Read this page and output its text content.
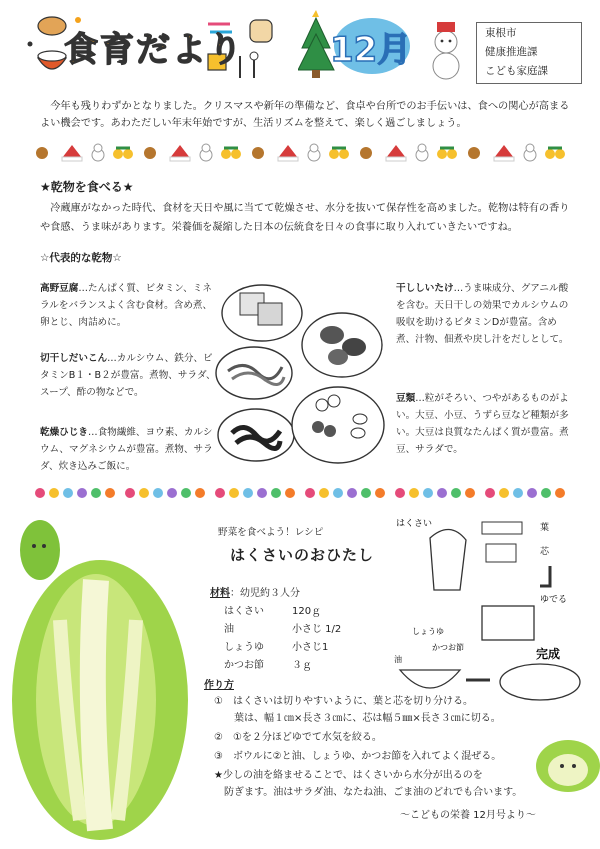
食育だより	12月	東根市
健康推進課
こども家庭課
今年も残りわずかとなりました。クリスマスや新年の準備など、食卓や台所でのお手伝いは、食への関心が高まるよい機会です。あわただしい年末年始ですが、生活リズムを整えて、楽しく過ごしましょう。
★乾物を食べる★
冷蔵庫がなかった時代、食材を天日や風に当てて乾燥させ、水分を抜いて保存性を高めました。乾物は特有の香りや食感、うま味があります。栄養価を凝縮した日本の伝統食を日々の食事に取り入れていきたいですね。
☆代表的な乾物☆
高野豆腐…たんぱく質、ビタミン、ミネラルをバランスよく含む食材。含め煮、卵とじ、肉詰めに。
切干しだいこん…カルシウム、鉄分、ビタミンB１・B２が豊富。煮物、サラダ、スープ、酢の物などで。
乾燥ひじき…食物繊維、ヨウ素、カルシウム、マグネシウムが豊富。煮物、サラダ、炊き込みご飯に。
干ししいたけ…うま味成分、グアニル酸を含む。天日干しの効果でカルシウムの吸収を助けるビタミンDが豊富。含め煮、汁物、佃煮や戻し汁をだしとして。
豆類…粒がそろい、つやがあるものがよい。大豆、小豆、うずら豆など種類が多い。大豆は良質なたんぱく質が豊富。煮豆、サラダで。
野菜を食べよう！レシピ
はくさいのおひたし
材料：幼児約３人分
はくさい	120ｇ
油	小さじ 1/2
しょうゆ	小さじ1
かつお節	３ｇ
作り方
①　はくさいは切りやすいように、葉と芯を切り分ける。
　　葉は、幅１㎝×長さ３㎝に、芯は幅５㎜×長さ３㎝に切る。
②　①を２分ほどゆでて水気を絞る。
③　ボウルに②と油、しょうゆ、かつお節を入れてよく混ぜる。
★少しの油を絡ませることで、はくさいから水分が出るのを
　防ぎます。油はサラダ油、なたね油、ごま油のどれでも合います。
はくさい	葉
芯
ゆでる
しょうゆ
かつお節
油	完成
～こどもの栄養 12月号より～
